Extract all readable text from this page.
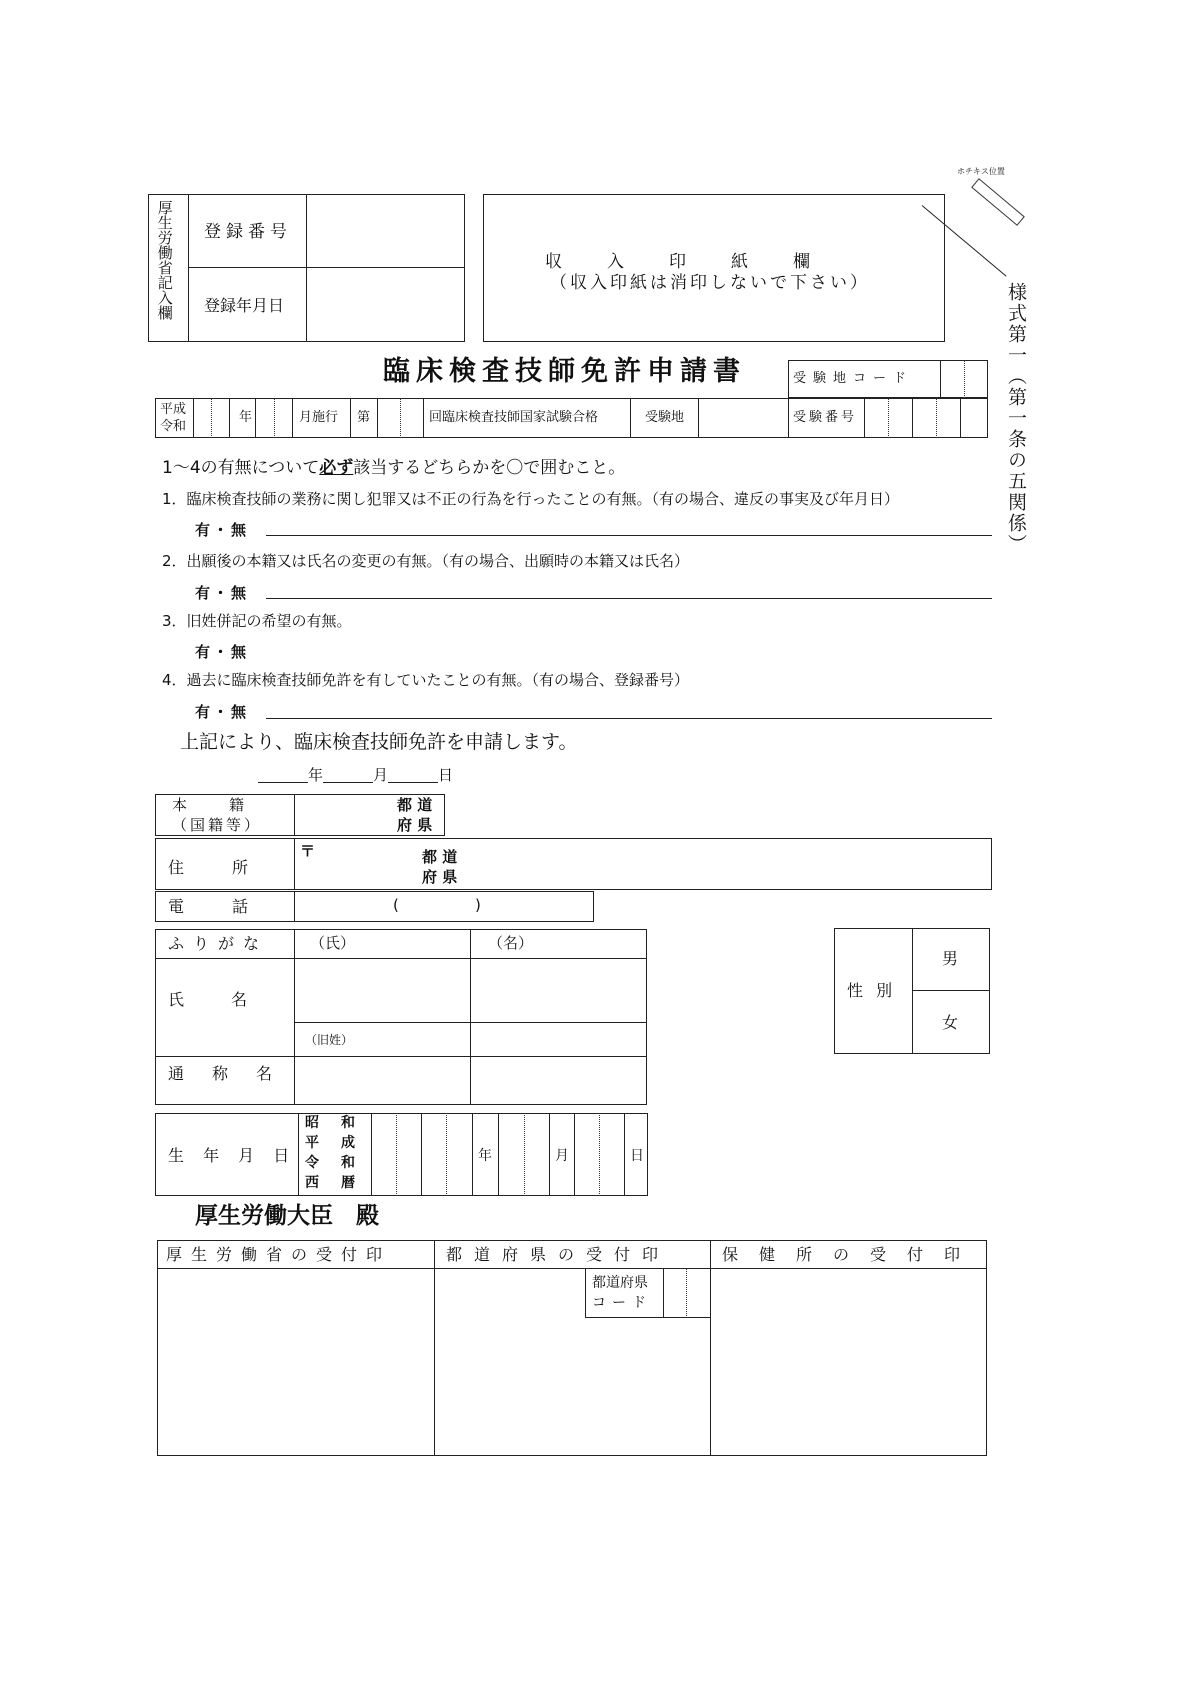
ホチキス位置
様式第一（第一条の五関係）
厚生労働省記入欄 登録番号
登録年月日
収　入　印　紙　欄
（収入印紙は消印しないで下さい）
臨床検査技師免許申請書	受験地コード
平成
令和
年	月施行 第	回臨床検査技師国家試験合格	受験地	受験番号
1～4の有無について必ず該当するどちらかを〇で囲むこと。
1．臨床検査技師の業務に関し犯罪又は不正の行為を行ったことの有無。（有の場合、違反の事実及び年月日）
有・無
2．出願後の本籍又は氏名の変更の有無。（有の場合、出願時の本籍又は氏名）
有・無
3．旧姓併記の希望の有無。
有・無
4．過去に臨床検査技師免許を有していたことの有無。（有の場合、登録番号）
有・無
上記により、臨床検査技師免許を申請します。
年	月	日
本　　籍
（国籍等）
都 道
府 県
住　　　所
〒	都 道
府 県
電　　　話	(	)
ふりがな	（氏）	（名）
氏　　名
（旧姓）
通　称　名
性 別
男
女
生 年 月 日
昭 和
平 成
令 和
西 暦
年	月	日
厚生労働大臣　殿
厚生労働省の受付印	都道府県の受付印	保健所の受付印
都道府県
コード
